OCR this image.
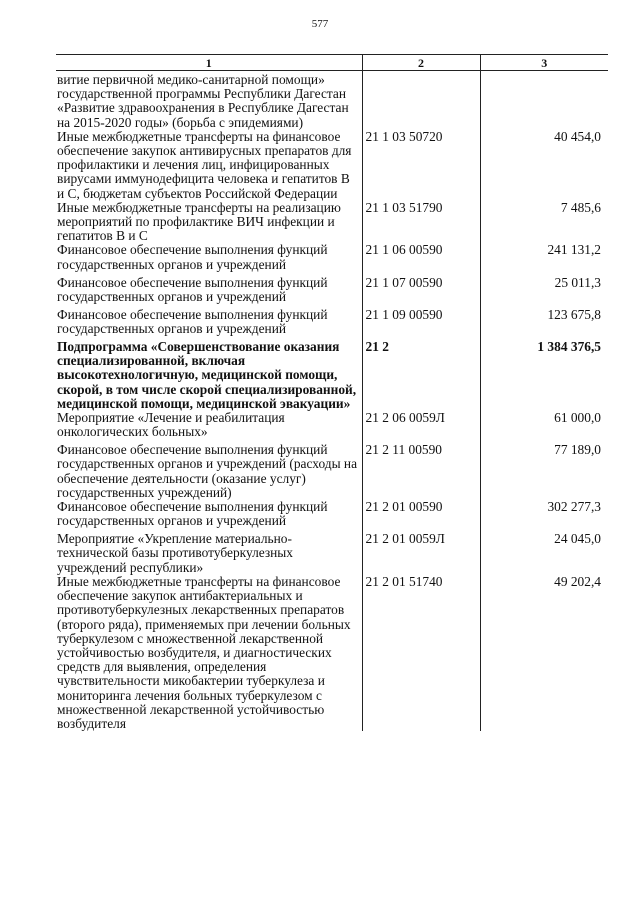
577
1	2	3
витие первичной медико-санитарной помощи» государственной программы Республики Дагестан «Развитие здравоохранения в Республике Дагестан на 2015-2020 годы» (борьба с эпидемиями)		
Иные межбюджетные трансферты на финансовое обеспечение закупок антивирусных препаратов для профилактики и лечения лиц, инфицированных вирусами иммунодефицита человека и гепатитов В и С, бюджетам субъектов Российской Федерации	21 1 03 50720	40 454,0
Иные межбюджетные трансферты на реализацию мероприятий по профилактике ВИЧ инфекции и гепатитов В и С	21 1 03 51790	7 485,6
Финансовое обеспечение выполнения функций государственных органов и учреждений	21 1 06 00590	241 131,2
Финансовое обеспечение выполнения функций государственных органов и учреждений	21 1 07 00590	25 011,3
Финансовое обеспечение выполнения функций государственных органов и учреждений	21 1 09 00590	123 675,8
Подпрограмма «Совершенствование оказания специализированной, включая высокотехнологичную, медицинской помощи, скорой, в том числе скорой специализированной, медицинской помощи, медицинской эвакуации»	21 2	1 384 376,5
Мероприятие «Лечение и реабилитация онкологических больных»	21 2 06 0059Л	61 000,0
Финансовое обеспечение выполнения функций государственных органов и учреждений (расходы на обеспечение деятельности (оказание услуг) государственных учреждений)	21 2 11 00590	77 189,0
Финансовое обеспечение выполнения функций государственных органов и учреждений	21 2 01 00590	302 277,3
Мероприятие «Укрепление материально-технической базы противотуберкулезных учреждений республики»	21 2 01 0059Л	24 045,0
Иные межбюджетные трансферты на финансовое обеспечение закупок антибактериальных и противотуберкулезных лекарственных препаратов (второго ряда), применяемых при лечении больных туберкулезом с множественной лекарственной устойчивостью возбудителя, и диагностических средств для выявления, определения чувствительности микобактерии туберкулеза и мониторинга лечения больных туберкулезом с множественной лекарственной устойчивостью возбудителя	21 2 01 51740	49 202,4
